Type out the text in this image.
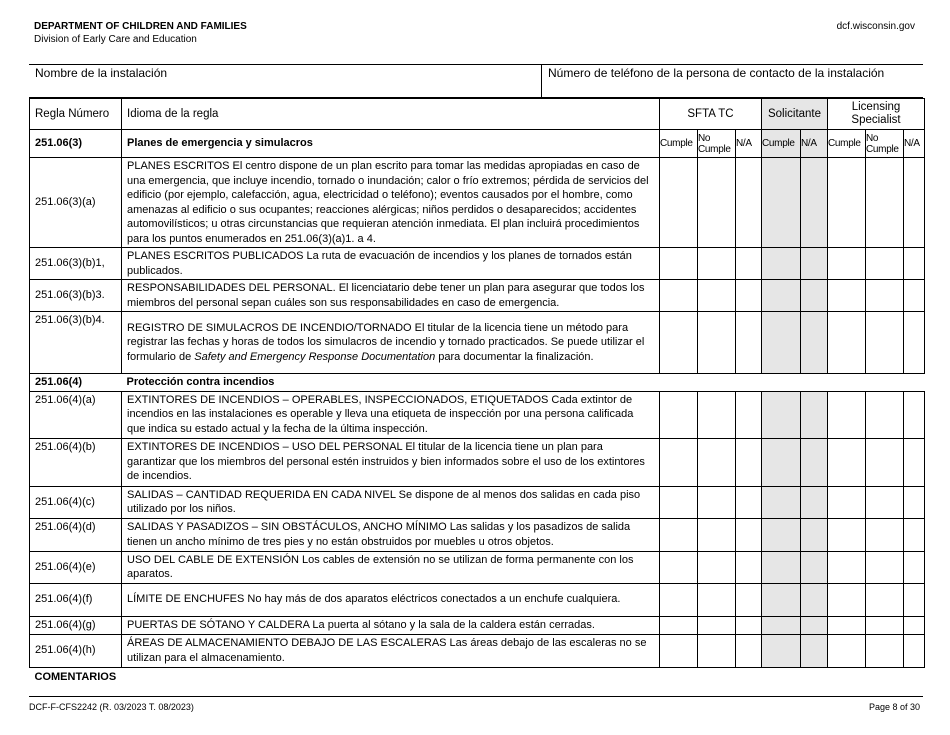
DEPARTMENT OF CHILDREN AND FAMILIES
Division of Early Care and Education
dcf.wisconsin.gov
Nombre de la instalación	Número de teléfono de la persona de contacto de la instalación
Regla Número	Idioma de la regla	SFTA TC			Solicitante		Licensing Specialist		
251.06(3)	Planes de emergencia y simulacros	Cumple	No Cumple	N/A	Cumple	N/A	Cumple	No Cumple	N/A
251.06(3)(a)	PLANES ESCRITOS El centro dispone de un plan escrito para tomar las medidas apropiadas en caso de una emergencia, que incluye incendio, tornado o inundación; calor o frío extremos; pérdida de servicios del edificio (por ejemplo, calefacción, agua, electricidad o teléfono); eventos causados por el hombre, como amenazas al edificio o sus ocupantes; reacciones alérgicas; niños perdidos o desaparecidos; accidentes automovilísticos; u otras circunstancias que requieran atención inmediata. El plan incluirá procedimientos para los puntos enumerados en 251.06(3)(a)1. a 4.								
251.06(3)(b)1,	PLANES ESCRITOS PUBLICADOS La ruta de evacuación de incendios y los planes de tornados están publicados.								
251.06(3)(b)3.	RESPONSABILIDADES DEL PERSONAL. El licenciatario debe tener un plan para asegurar que todos los miembros del personal sepan cuáles son sus responsabilidades en caso de emergencia.								
251.06(3)(b)4.	REGISTRO DE SIMULACROS DE INCENDIO/TORNADO El titular de la licencia tiene un método para registrar las fechas y horas de todos los simulacros de incendio y tornado practicados. Se puede utilizar el formulario de Safety and Emergency Response Documentation para documentar la finalización.								
251.06(4)	Protección contra incendios								
251.06(4)(a)	EXTINTORES DE INCENDIOS – OPERABLES, INSPECCIONADOS, ETIQUETADOS Cada extintor de incendios en las instalaciones es operable y lleva una etiqueta de inspección por una persona calificada que indica su estado actual y la fecha de la última inspección.								
251.06(4)(b)	EXTINTORES DE INCENDIOS – USO DEL PERSONAL El titular de la licencia tiene un plan para garantizar que los miembros del personal estén instruidos y bien informados sobre el uso de los extintores de incendios.								
251.06(4)(c)	SALIDAS – CANTIDAD REQUERIDA EN CADA NIVEL Se dispone de al menos dos salidas en cada piso utilizado por los niños.								
251.06(4)(d)	SALIDAS Y PASADIZOS – SIN OBSTÁCULOS, ANCHO MÍNIMO Las salidas y los pasadizos de salida tienen un ancho mínimo de tres pies y no están obstruidos por muebles u otros objetos.								
251.06(4)(e)	USO DEL CABLE DE EXTENSIÓN Los cables de extensión no se utilizan de forma permanente con los aparatos.								
251.06(4)(f)	LÍMITE DE ENCHUFES No hay más de dos aparatos eléctricos conectados a un enchufe cualquiera.								
251.06(4)(g)	PUERTAS DE SÓTANO Y CALDERA La puerta al sótano y la sala de la caldera están cerradas.								
251.06(4)(h)	ÁREAS DE ALMACENAMIENTO DEBAJO DE LAS ESCALERAS Las áreas debajo de las escaleras no se utilizan para el almacenamiento.								
COMENTARIOS									
DCF-F-CFS2242 (R. 03/2023 T. 08/2023)	Page 8 of 30
